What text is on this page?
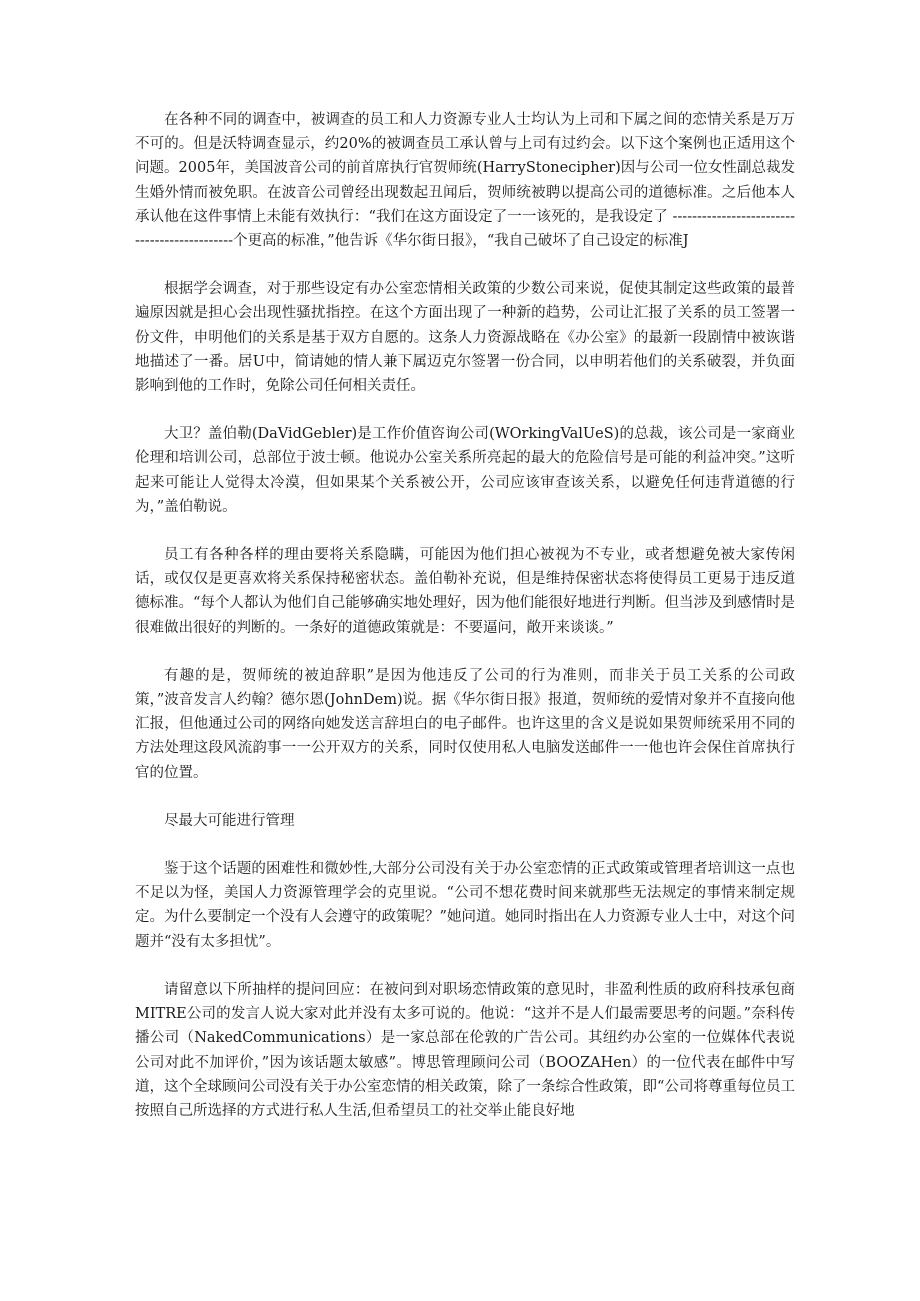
在各种不同的调查中，被调查的员工和人力资源专业人士均认为上司和下属之间的恋情关系是万万不可的。但是沃特调查显示，约20%的被调查员工承认曾与上司有过约会。以下这个案例也正适用这个问题。2005年，美国波音公司的前首席执行官贺师统(HarryStonecipher)因与公司一位女性副总裁发生婚外情而被免职。在波音公司曾经出现数起丑闻后，贺师统被聘以提高公司的道德标准。之后他本人承认他在这件事情上未能有效执行：“我们在这方面设定了一一该死的，是我设定了 ---------------------------------------------个更高的标准，”他告诉《华尔街日报》，“我自己破坏了自己设定的标准J

根据学会调查，对于那些设定有办公室恋情相关政策的少数公司来说，促使其制定这些政策的最普遍原因就是担心会出现性骚扰指控。在这个方面出现了一种新的趋势，公司让汇报了关系的员工签署一份文件，申明他们的关系是基于双方自愿的。这条人力资源战略在《办公室》的最新一段剧情中被诙谐地描述了一番。居U中，简请她的情人兼下属迈克尔签署一份合同，以申明若他们的关系破裂，并负面影响到他的工作时，免除公司任何相关责任。

大卫？盖伯勒(DaVidGebler)是工作价值咨询公司(WOrkingValUeS)的总裁，该公司是一家商业伦理和培训公司，总部位于波士顿。他说办公室关系所亮起的最大的危险信号是可能的利益冲突。”这听起来可能让人觉得太冷漠，但如果某个关系被公开，公司应该审查该关系，以避免任何违背道德的行为，”盖伯勒说。

员工有各种各样的理由要将关系隐瞒，可能因为他们担心被视为不专业，或者想避免被大家传闲话，或仅仅是更喜欢将关系保持秘密状态。盖伯勒补充说，但是维持保密状态将使得员工更易于违反道德标准。“每个人都认为他们自己能够确实地处理好，因为他们能很好地进行判断。但当涉及到感情时是很难做出很好的判断的。一条好的道德政策就是：不要逼问，敞开来谈谈。”

有趣的是，贺师统的被迫辞职”是因为他违反了公司的行为准则，而非关于员工关系的公司政策，”波音发言人约翰？德尔恩(JohnDem)说。据《华尔街日报》报道，贺师统的爱情对象并不直接向他汇报，但他通过公司的网络向她发送言辞坦白的电子邮件。也许这里的含义是说如果贺师统采用不同的方法处理这段风流韵事一一公开双方的关系，同时仅使用私人电脑发送邮件一一他也许会保住首席执行官的位置。

尽最大可能进行管理

鉴于这个话题的困难性和微妙性,大部分公司没有关于办公室恋情的正式政策或管理者培训这一点也不足以为怪，美国人力资源管理学会的克里说。“公司不想花费时间来就那些无法规定的事情来制定规定。为什么要制定一个没有人会遵守的政策呢？”她问道。她同时指出在人力资源专业人士中，对这个问题并“没有太多担忧”。

请留意以下所抽样的提问回应：在被问到对职场恋情政策的意见时，非盈利性质的政府科技承包商MITRE公司的发言人说大家对此并没有太多可说的。他说：“这并不是人们最需要思考的问题。”奈科传播公司（NakedCommunications）是一家总部在伦敦的广告公司。其纽约办公室的一位媒体代表说公司对此不加评价，”因为该话题太敏感”。博思管理顾问公司（BOOZAHen）的一位代表在邮件中写道，这个全球顾问公司没有关于办公室恋情的相关政策，除了一条综合性政策，即“公司将尊重每位员工按照自己所选择的方式进行私人生活,但希望员工的社交举止能良好地
